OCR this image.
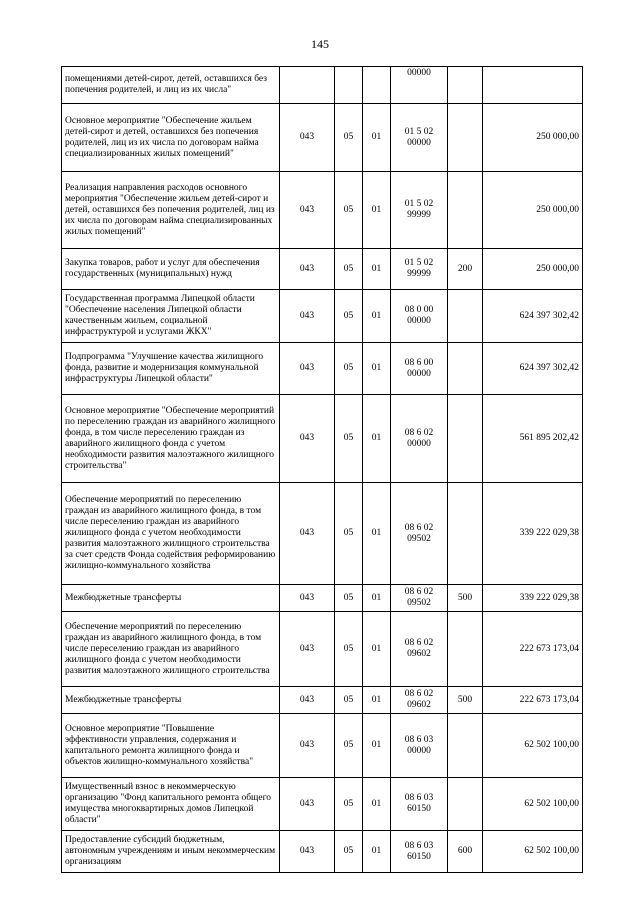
145
помещениями детей-сирот, детей, оставшихся без попечения родителей, и лиц из их числа"				00000		
Основное мероприятие "Обеспечение жильем детей-сирот и детей, оставшихся без попечения родителей, лиц из их числа по договорам найма специализированных жилых помещений"	043	05	01	01 5 02 00000		250 000,00
Реализация направления расходов основного мероприятия "Обеспечение жильем детей-сирот и детей, оставшихся без попечения родителей, лиц из их числа по договорам найма специализированных жилых помещений"	043	05	01	01 5 02 99999		250 000,00
Закупка товаров, работ и услуг для обеспечения государственных (муниципальных) нужд	043	05	01	01 5 02 99999	200	250 000,00
Государственная программа Липецкой области "Обеспечение населения Липецкой области качественным жильем, социальной инфраструктурой и услугами ЖКХ"	043	05	01	08 0 00 00000		624 397 302,42
Подпрограмма "Улучшение качества жилищного фонда, развитие и модернизация коммунальной инфраструктуры Липецкой области"	043	05	01	08 6 00 00000		624 397 302,42
Основное мероприятие "Обеспечение мероприятий по переселению граждан из аварийного жилищного фонда, в том числе переселению граждан из аварийного жилищного фонда с учетом необходимости развития малоэтажного жилищного строительства"	043	05	01	08 6 02 00000		561 895 202,42
Обеспечение мероприятий по переселению граждан из аварийного жилищного фонда, в том числе переселению граждан из аварийного жилищного фонда с учетом необходимости развития малоэтажного жилищного строительства за счет средств Фонда содействия реформированию жилищно-коммунального хозяйства	043	05	01	08 6 02 09502		339 222 029,38
Межбюджетные трансферты	043	05	01	08 6 02 09502	500	339 222 029,38
Обеспечение мероприятий по переселению граждан из аварийного жилищного фонда, в том числе переселению граждан из аварийного жилищного фонда с учетом необходимости развития малоэтажного жилищного строительства	043	05	01	08 6 02 09602		222 673 173,04
Межбюджетные трансферты	043	05	01	08 6 02 09602	500	222 673 173,04
Основное мероприятие "Повышение эффективности управления, содержания и капитального ремонта жилищного фонда и объектов жилищно-коммунального хозяйства"	043	05	01	08 6 03 00000		62 502 100,00
Имущественный взнос в некоммерческую организацию "Фонд капитального ремонта общего имущества многоквартирных домов Липецкой области"	043	05	01	08 6 03 60150		62 502 100,00
Предоставление субсидий бюджетным, автономным учреждениям и иным некоммерческим организациям	043	05	01	08 6 03 60150	600	62 502 100,00
